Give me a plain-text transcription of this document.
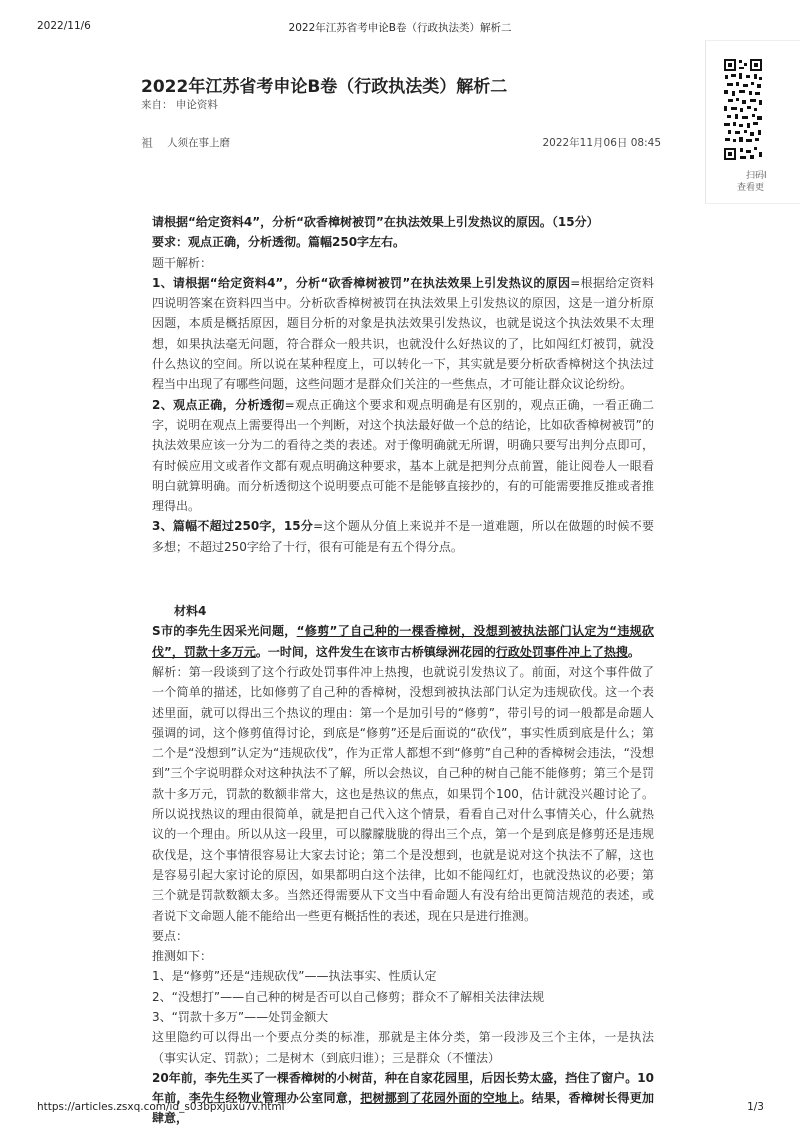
2022/11/6	2022年江苏省考申论B卷（行政执法类）解析二
2022年江苏省考申论B卷（行政执法类）解析二
来自： 申论资料
袓 人须在事上磨	2022年11月06日 08:45
扫码l
查看更

请根据“给定资料4”，分析“砍香樟树被罚”在执法效果上引发热议的原因。（15分）

要求：观点正确，分析透彻。篇幅250字左右。

题干解析：

1、请根据“给定资料4”，分析“砍香樟树被罚”在执法效果上引发热议的原因=根据给定资料四说明答案在资料四当中。分析砍香樟树被罚在执法效果上引发热议的原因，这是一道分析原因题，本质是概括原因，题目分析的对象是执法效果引发热议，也就是说这个执法效果不太理想，如果执法毫无问题，符合群众一般共识，也就没什么好热议的了，比如闯红灯被罚，就没什么热议的空间。所以说在某种程度上，可以转化一下，其实就是要分析砍香樟树这个执法过程当中出现了有哪些问题，这些问题才是群众们关注的一些焦点，才可能让群众议论纷纷。

2、观点正确，分析透彻=观点正确这个要求和观点明确是有区别的，观点正确，一看正确二字，说明在观点上需要得出一个判断，对这个执法最好做一个总的结论，比如砍香樟树被罚”的执法效果应该一分为二的看待之类的表述。对于像明确就无所谓，明确只要写出判分点即可，有时候应用文或者作文都有观点明确这种要求，基本上就是把判分点前置，能让阅卷人一眼看明白就算明确。而分析透彻这个说明要点可能不是能够直接抄的，有的可能需要推反推或者推理得出。

3、篇幅不超过250字，15分=这个题从分值上来说并不是一道难题，所以在做题的时候不要多想；不超过250字给了十行，很有可能是有五个得分点。

材料4

S市的李先生因采光问题，“修剪”了自己种的一棵香樟树，没想到被执法部门认定为“违规砍伐”，罚款十多万元。一时间，这件发生在该市古桥镇绿洲花园的行政处罚事件冲上了热搜。

解析：第一段谈到了这个行政处罚事件冲上热搜，也就说引发热议了。前面，对这个事件做了一个简单的描述，比如修剪了自己种的香樟树，没想到被执法部门认定为违规砍伐。这一个表述里面，就可以得出三个热议的理由：第一个是加引号的“修剪”，带引号的词一般都是命题人强调的词，这个修剪值得讨论，到底是“修剪”还是后面说的“砍伐”，事实性质到底是什么；第二个是“没想到”认定为“违规砍伐”，作为正常人都想不到“修剪”自己种的香樟树会违法，“没想到”三个字说明群众对这种执法不了解，所以会热议，自己种的树自己能不能修剪；第三个是罚款十多万元，罚款的数额非常大，这也是热议的焦点，如果罚个100，估计就没兴趣讨论了。所以说找热议的理由很简单，就是把自己代入这个情景，看看自己对什么事情关心，什么就热议的一个理由。所以从这一段里，可以朦朦胧胧的得出三个点，第一个是到底是修剪还是违规砍伐是，这个事情很容易让大家去讨论；第二个是没想到，也就是说对这个执法不了解，这也是容易引起大家讨论的原因，如果都明白这个法律，比如不能闯红灯，也就没热议的必要；第三个就是罚款数额太多。当然还得需要从下文当中看命题人有没有给出更简洁规范的表述，或者说下文命题人能不能给出一些更有概括性的表述，现在只是进行推测。

要点：

推测如下：

1、是“修剪”还是“违规砍伐”——执法事实、性质认定

2、“没想打”——自己种的树是否可以自己修剪；群众不了解相关法律法规

3、“罚款十多万”——处罚金额大

这里隐约可以得出一个要点分类的标准，那就是主体分类，第一段涉及三个主体，一是执法（事实认定、罚款）；二是树木（到底归谁）；三是群众（不懂法）

20年前，李先生买了一棵香樟树的小树苗，种在自家花园里，后因长势太盛，挡住了窗户。10年前，李先生经物业管理办公室同意，把树挪到了花园外面的空地上。结果，香樟树长得更加肆意，

https://articles.zsxq.com/id_s03bpxjuxu7v.html	1/3
